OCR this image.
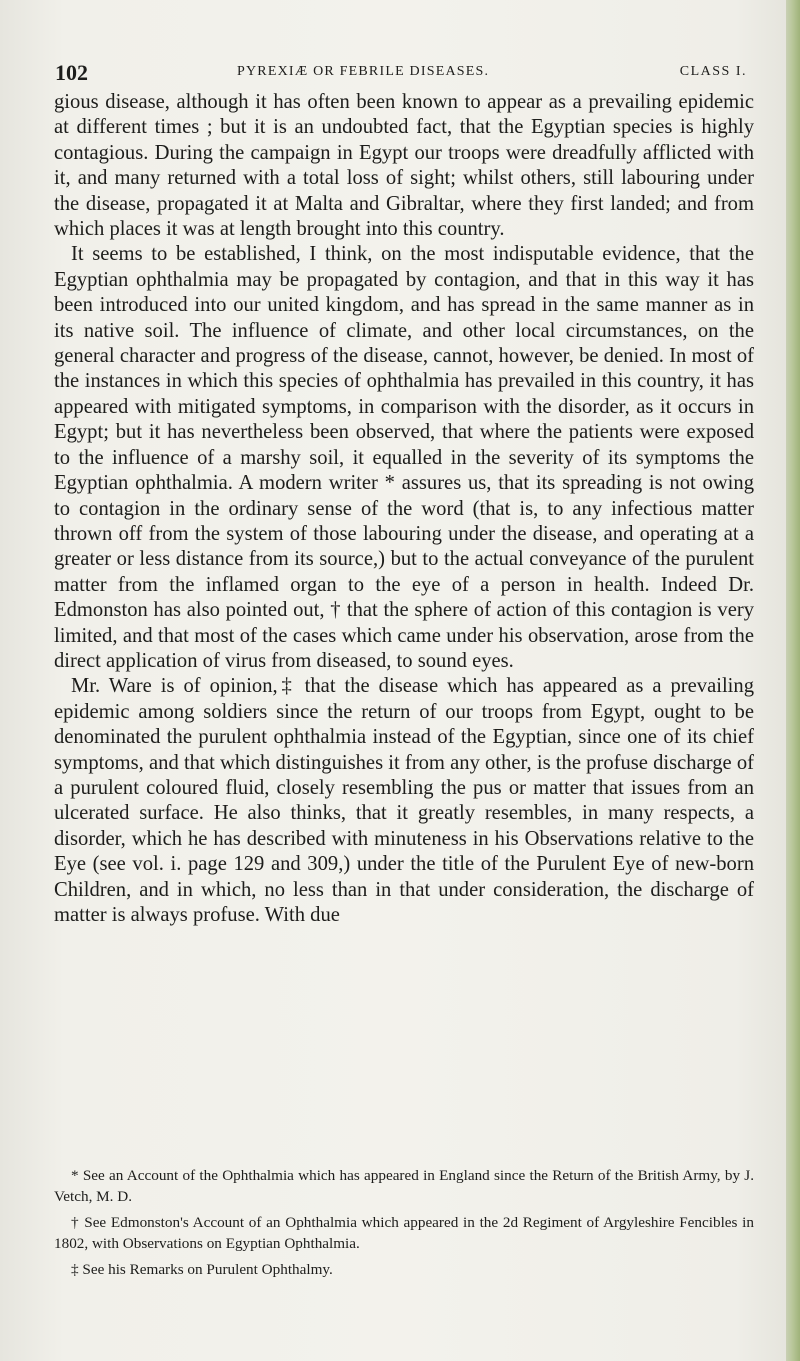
102	PYREXIÆ OR FEBRILE DISEASES.	CLASS I.

gious disease, although it has often been known to appear as a prevailing epidemic at different times ; but it is an undoubted fact, that the Egyptian species is highly contagious. During the campaign in Egypt our troops were dreadfully afflicted with it, and many returned with a total loss of sight; whilst others, still labouring under the disease, propagated it at Malta and Gibraltar, where they first landed; and from which places it was at length brought into this country.

It seems to be established, I think, on the most indisputable evidence, that the Egyptian ophthalmia may be propagated by contagion, and that in this way it has been introduced into our united kingdom, and has spread in the same manner as in its native soil. The influence of climate, and other local circumstances, on the general character and progress of the disease, cannot, however, be denied. In most of the instances in which this species of ophthalmia has prevailed in this country, it has appeared with mitigated symptoms, in comparison with the disorder, as it occurs in Egypt; but it has nevertheless been observed, that where the patients were exposed to the influence of a marshy soil, it equalled in the severity of its symptoms the Egyptian ophthalmia. A modern writer * assures us, that its spreading is not owing to contagion in the ordinary sense of the word (that is, to any infectious matter thrown off from the system of those labouring under the disease, and operating at a greater or less distance from its source,) but to the actual conveyance of the purulent matter from the inflamed organ to the eye of a person in health. Indeed Dr. Edmonston has also pointed out, † that the sphere of action of this contagion is very limited, and that most of the cases which came under his observation, arose from the direct application of virus from diseased, to sound eyes.

Mr. Ware is of opinion,‡ that the disease which has appeared as a prevailing epidemic among soldiers since the return of our troops from Egypt, ought to be denominated the purulent ophthalmia instead of the Egyptian, since one of its chief symptoms, and that which distinguishes it from any other, is the profuse discharge of a purulent coloured fluid, closely resembling the pus or matter that issues from an ulcerated surface. He also thinks, that it greatly resembles, in many respects, a disorder, which he has described with minuteness in his Observations relative to the Eye (see vol. i. page 129 and 309,) under the title of the Purulent Eye of new-born Children, and in which, no less than in that under consideration, the discharge of matter is always profuse. With due

* See an Account of the Ophthalmia which has appeared in England since the Return of the British Army, by J. Vetch, M. D.

† See Edmonston's Account of an Ophthalmia which appeared in the 2d Regiment of Argyleshire Fencibles in 1802, with Observations on Egyptian Ophthalmia.

‡ See his Remarks on Purulent Ophthalmy.
